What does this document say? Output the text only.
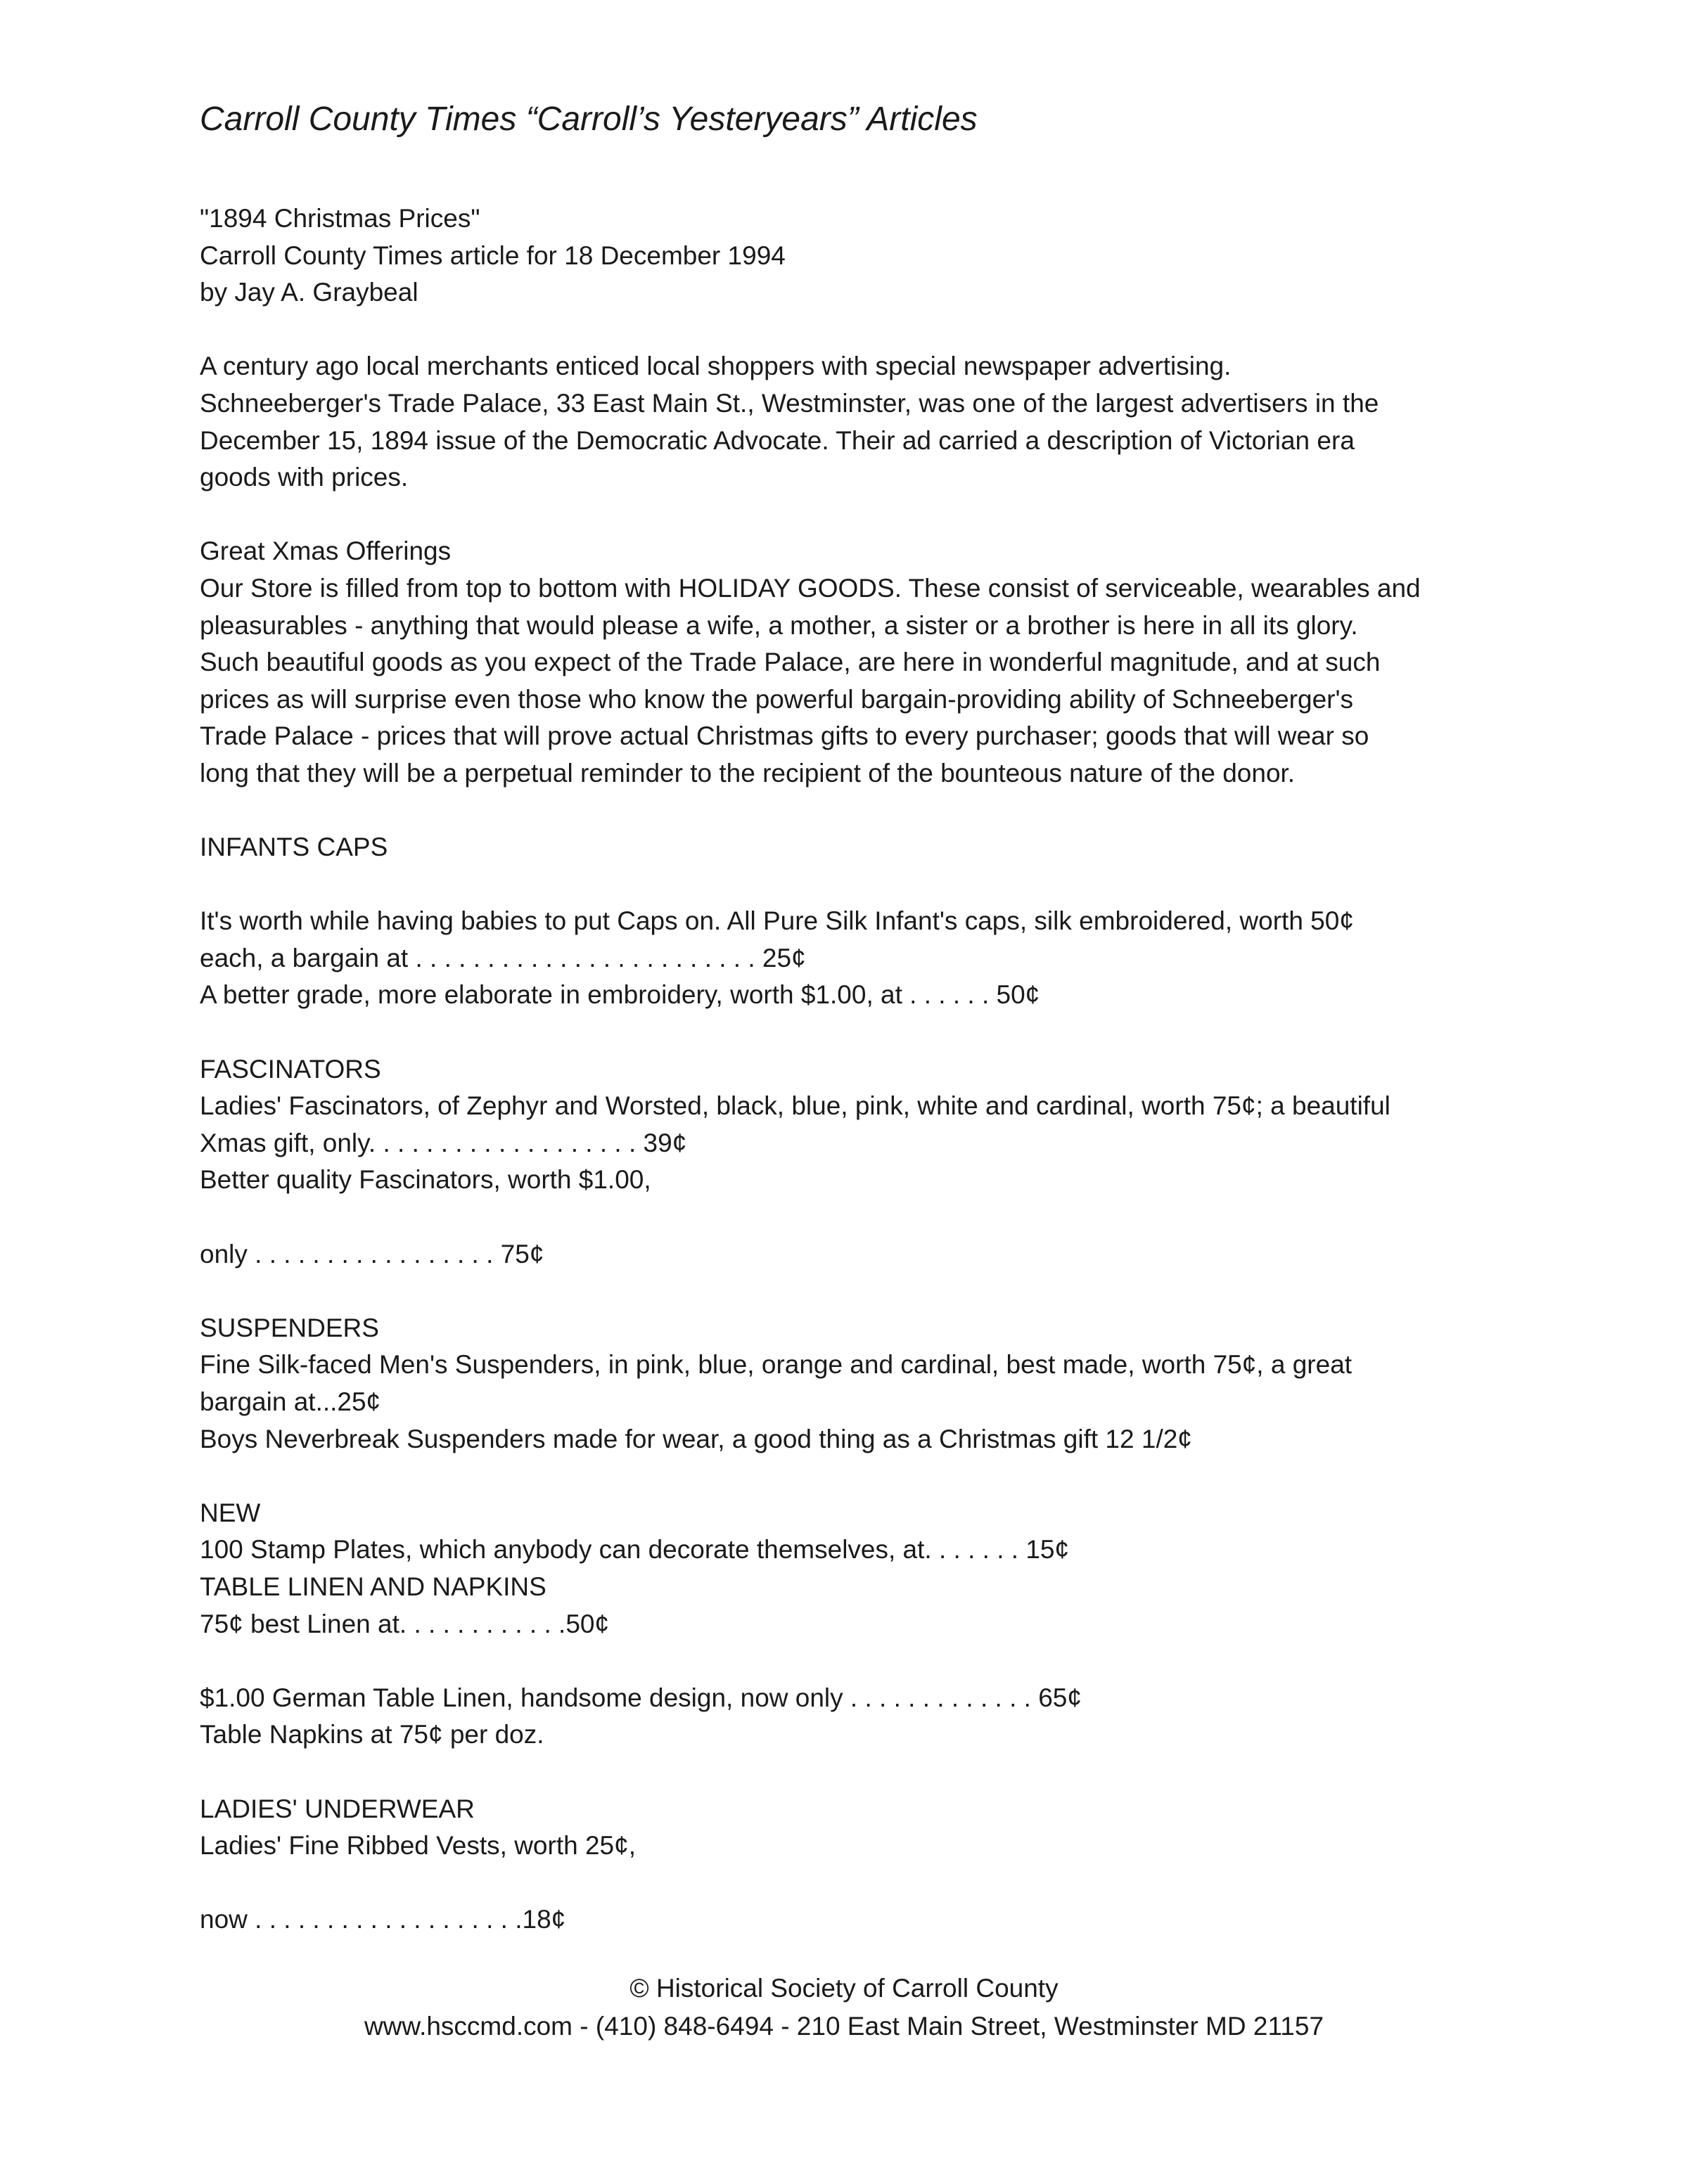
Carroll County Times “Carroll’s Yesteryears” Articles

"1894 Christmas Prices"

Carroll County Times article for 18 December 1994

by Jay A. Graybeal

A century ago local merchants enticed local shoppers with special newspaper advertising.

Schneeberger's Trade Palace, 33 East Main St., Westminster, was one of the largest advertisers in the

December 15, 1894 issue of the Democratic Advocate. Their ad carried a description of Victorian era

goods with prices.

Great Xmas Offerings

Our Store is filled from top to bottom with HOLIDAY GOODS. These consist of serviceable, wearables and

pleasurables - anything that would please a wife, a mother, a sister or a brother is here in all its glory.

Such beautiful goods as you expect of the Trade Palace, are here in wonderful magnitude, and at such

prices as will surprise even those who know the powerful bargain-providing ability of Schneeberger's

Trade Palace - prices that will prove actual Christmas gifts to every purchaser; goods that will wear so

long that they will be a perpetual reminder to the recipient of the bounteous nature of the donor.

INFANTS CAPS

It's worth while having babies to put Caps on. All Pure Silk Infant's caps, silk embroidered, worth 50¢

each, a bargain at . . . . . . . . . . . . . . . . . . . . . . . . 25¢

A better grade, more elaborate in embroidery, worth $1.00, at . . . . . . 50¢

FASCINATORS

Ladies' Fascinators, of Zephyr and Worsted, black, blue, pink, white and cardinal, worth 75¢; a beautiful

Xmas gift, only. . . . . . . . . . . . . . . . . . . 39¢

Better quality Fascinators, worth $1.00,

only . . . . . . . . . . . . . . . . . 75¢

SUSPENDERS

Fine Silk-faced Men's Suspenders, in pink, blue, orange and cardinal, best made, worth 75¢, a great

bargain at...25¢

Boys Neverbreak Suspenders made for wear, a good thing as a Christmas gift 12 1/2¢

NEW

100 Stamp Plates, which anybody can decorate themselves, at. . . . . . . 15¢

TABLE LINEN AND NAPKINS

75¢ best Linen at. . . . . . . . . . . .50¢

$1.00 German Table Linen, handsome design, now only . . . . . . . . . . . . . 65¢

Table Napkins at 75¢ per doz.

LADIES' UNDERWEAR

Ladies' Fine Ribbed Vests, worth 25¢,

now . . . . . . . . . . . . . . . . . . .18¢

© Historical Society of Carroll County
www.hsccmd.com - (410) 848-6494 - 210 East Main Street, Westminster MD 21157
